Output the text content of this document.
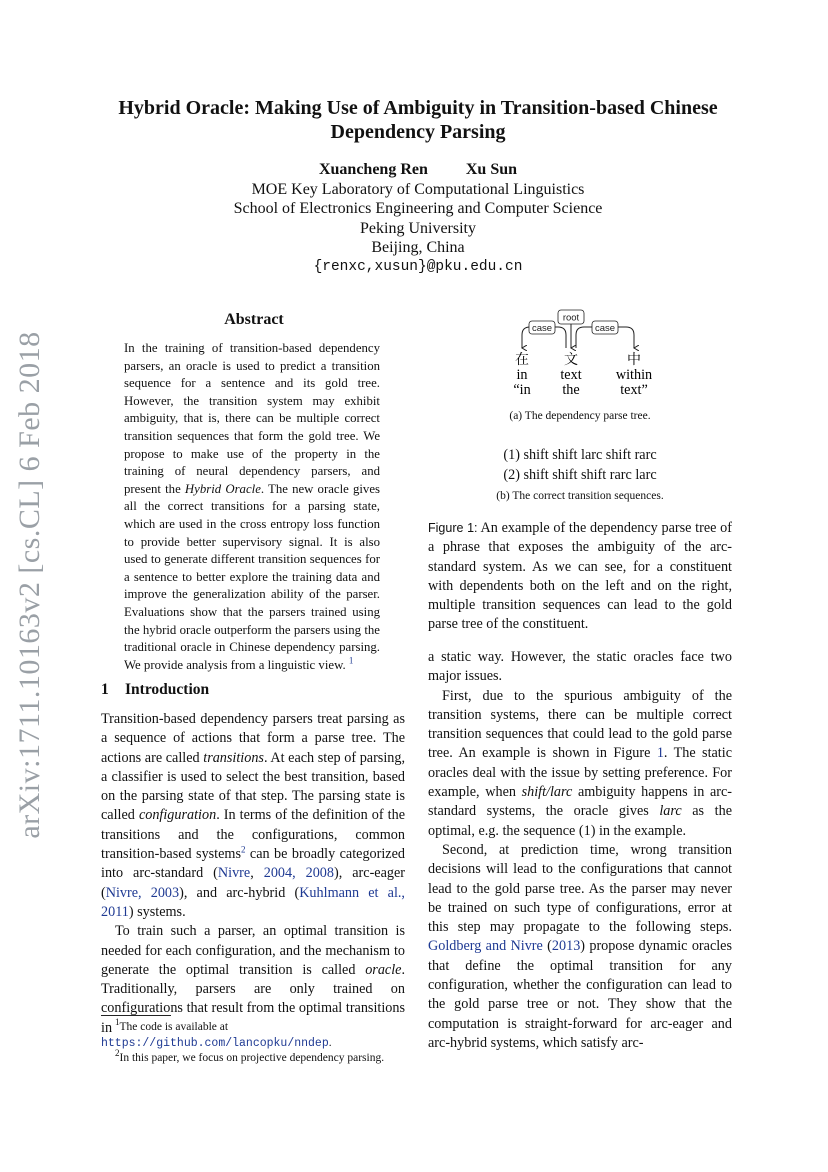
arXiv:1711.10163v2 [cs.CL] 6 Feb 2018
Hybrid Oracle: Making Use of Ambiguity in Transition-based Chinese
Dependency Parsing
Xuancheng Ren Xu Sun
MOE Key Laboratory of Computational Linguistics
School of Electronics Engineering and Computer Science
Peking University
Beijing, China
{renxc,xusun}@pku.edu.cn
Abstract
In the training of transition-based dependency parsers, an oracle is used to predict a transition sequence for a sentence and its gold tree. However, the transition system may exhibit ambiguity, that is, there can be multiple correct transition sequences that form the gold tree. We propose to make use of the property in the training of neural dependency parsers, and present the Hybrid Oracle. The new oracle gives all the correct transitions for a parsing state, which are used in the cross entropy loss function to provide better supervisory signal. It is also used to generate different transition sequences for a sentence to better explore the training data and improve the generalization ability of the parser. Evaluations show that the parsers trained using the hybrid oracle outperform the parsers using the traditional oracle in Chinese dependency parsing. We provide analysis from a linguistic view. $^1$
1 Introduction

Transition-based dependency parsers treat parsing as a sequence of actions that form a parse tree. The actions are called transitions. At each step of parsing, a classifier is used to select the best transition, based on the parsing state of that step. The parsing state is called configuration. In terms of the definition of the transitions and the configurations, common transition-based systems$^2$ can be broadly categorized into arc-standard (Nivre, 2004, 2008), arc-eager (Nivre, 2003), and arc-hybrid (Kuhlmann et al., 2011) systems.

To train such a parser, an optimal transition is needed for each configuration, and the mechanism to generate the optimal transition is called oracle. Traditionally, parsers are only trained on configurations that result from the optimal transitions in $^1$The code is available at https://github.com/lancopku/nndep.

$^2$In this paper, we focus on projective dependency parsing.

root
case	case
在
in
“in
文
text
the
中
within
text”
(a) The dependency parse tree.
(1) shift shift larc shift rarc
(2) shift shift shift rarc larc
(b) The correct transition sequences.
Figure 1: An example of the dependency parse tree of a phrase that exposes the ambiguity of the arc-standard system. As we can see, for a constituent with dependents both on the left and on the right, multiple transition sequences can lead to the gold parse tree of the constituent.

a static way. However, the static oracles face two major issues.

First, due to the spurious ambiguity of the transition systems, there can be multiple correct transition sequences that could lead to the gold parse tree. An example is shown in Figure 1. The static oracles deal with the issue by setting preference. For example, when shift/larc ambiguity happens in arc-standard systems, the oracle gives larc as the optimal, e.g. the sequence (1) in the example.

Second, at prediction time, wrong transition decisions will lead to the configurations that cannot lead to the gold parse tree. As the parser may never be trained on such type of configurations, error at this step may propagate to the following steps. Goldberg and Nivre (2013) propose dynamic oracles that define the optimal transition for any configuration, whether the configuration can lead to the gold parse tree or not. They show that the computation is straight-forward for arc-eager and arc-hybrid systems, which satisfy arc-
